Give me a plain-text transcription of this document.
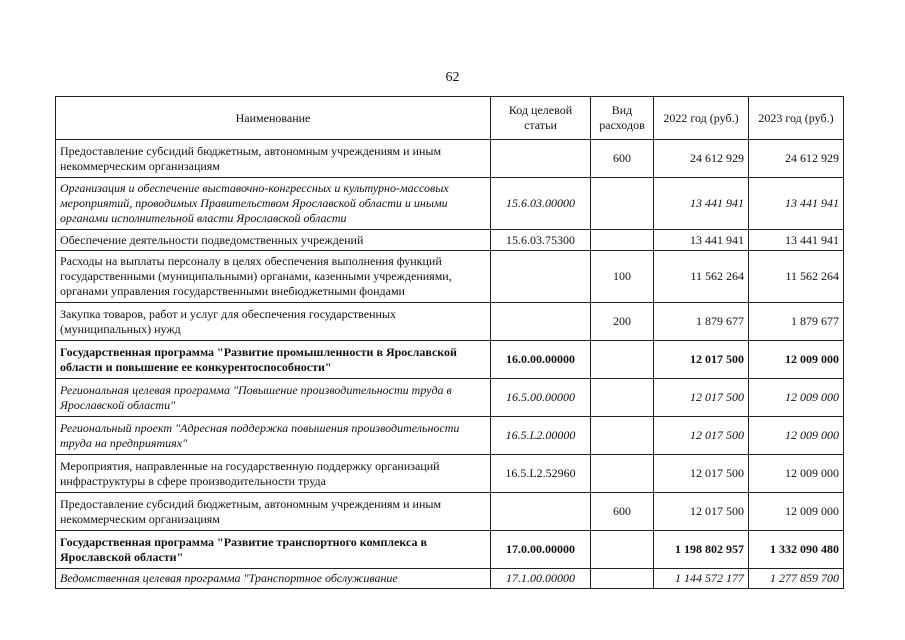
62
Наименование	Код целевой статьи	Вид расходов	2022 год (руб.)	2023 год (руб.)
Предоставление субсидий бюджетным, автономным учреждениям и иным некоммерческим организациям		600	24 612 929	24 612 929
Организация и обеспечение выставочно-конгрессных и культурно-массовых мероприятий, проводимых Правительством Ярославской области и иными органами исполнительной власти Ярославской области	15.6.03.00000		13 441 941	13 441 941
Обеспечение деятельности подведомственных учреждений	15.6.03.75300		13 441 941	13 441 941
Расходы на выплаты персоналу в целях обеспечения выполнения функций государственными (муниципальными) органами, казенными учреждениями, органами управления государственными внебюджетными фондами		100	11 562 264	11 562 264
Закупка товаров, работ и услуг для обеспечения государственных (муниципальных) нужд		200	1 879 677	1 879 677
Государственная программа "Развитие промышленности в Ярославской области и повышение ее конкурентоспособности"	16.0.00.00000		12 017 500	12 009 000
Региональная целевая программа "Повышение производительности труда в Ярославской области"	16.5.00.00000		12 017 500	12 009 000
Региональный проект "Адресная поддержка повышения производительности труда на предприятиях"	16.5.L2.00000		12 017 500	12 009 000
Мероприятия, направленные на государственную поддержку организаций инфраструктуры в сфере производительности труда	16.5.L2.52960		12 017 500	12 009 000
Предоставление субсидий бюджетным, автономным учреждениям и иным некоммерческим организациям		600	12 017 500	12 009 000
Государственная программа "Развитие транспортного комплекса в Ярославской области"	17.0.00.00000		1 198 802 957	1 332 090 480
Ведомственная целевая программа "Транспортное обслуживание	17.1.00.00000		1 144 572 177	1 277 859 700
